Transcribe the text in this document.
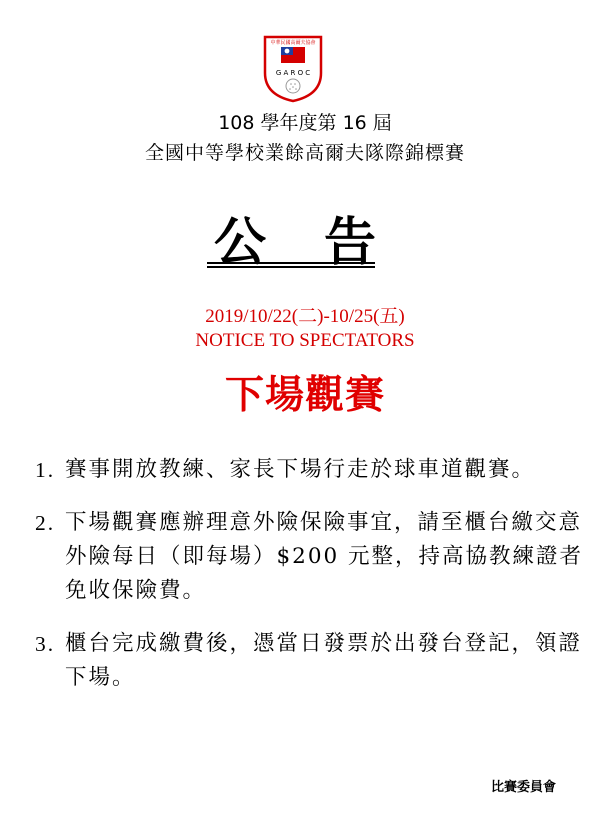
中華民國高爾夫協會
G A R O C
108 學年度第 16 屆
全國中等學校業餘高爾夫隊際錦標賽
公 告
2019/10/22(二)-10/25(五)
NOTICE TO SPECTATORS
下場觀賽
1. 賽事開放教練、家長下場行走於球車道觀賽。
2. 下場觀賽應辦理意外險保險事宜，請至櫃台繳交意外險每日（即每場）$200 元整，持高協教練證者免收保險費。
3. 櫃台完成繳費後，憑當日發票於出發台登記，領證下場。
比賽委員會
